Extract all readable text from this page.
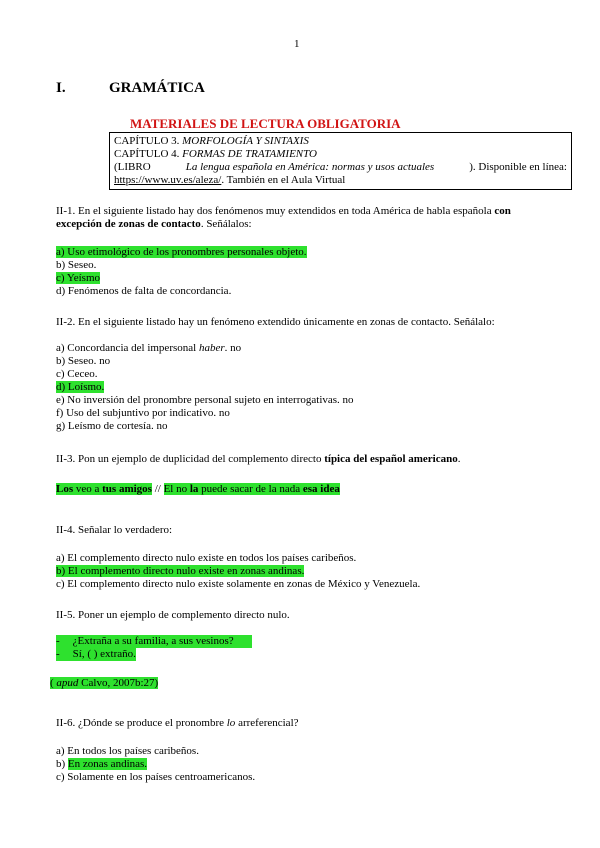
1
I.	GRAMÁTICA
MATERIALES DE LECTURA OBLIGATORIA
CAPÍTULO 3. MORFOLOGÍA Y SINTAXIS
CAPÍTULO 4. FORMAS DE TRATAMIENTO
(LIBRO	La lengua española en América: normas y usos actuales	). Disponible en línea:
https://www.uv.es/aleza/. También en el Aula Virtual
II-1. En el siguiente listado hay dos fenómenos muy extendidos en toda América de habla española con
excepción de zonas de contacto. Señálalos:
a) Uso etimológico de los pronombres personales objeto.
b) Seseo.
c) Yeísmo
d) Fenómenos de falta de concordancia.
II-2. En el siguiente listado hay un fenómeno extendido únicamente en zonas de contacto. Señálalo:
a) Concordancia del impersonal haber. no
b) Seseo. no
c) Ceceo.
d) Loísmo.
e) No inversión del pronombre personal sujeto en interrogativas. no
f) Uso del subjuntivo por indicativo. no
g) Leísmo de cortesía. no
II-3. Pon un ejemplo de duplicidad del complemento directo típica del español americano.
Los veo a tus amigos // El no la puede sacar de la nada esa idea
II-4. Señalar lo verdadero:
a) El complemento directo nulo existe en todos los países caribeños.
b) El complemento directo nulo existe en zonas andinas.
c) El complemento directo nulo existe solamente en zonas de México y Venezuela.
II-5. Poner un ejemplo de complemento directo nulo.
- ¿Extraña a su familia, a sus vesinos?
- Sí, ( ) extraño.
( apud Calvo, 2007b:27)
II-6. ¿Dónde se produce el pronombre lo arreferencial?
a) En todos los países caribeños.
b) En zonas andinas.
c) Solamente en los países centroamericanos.
